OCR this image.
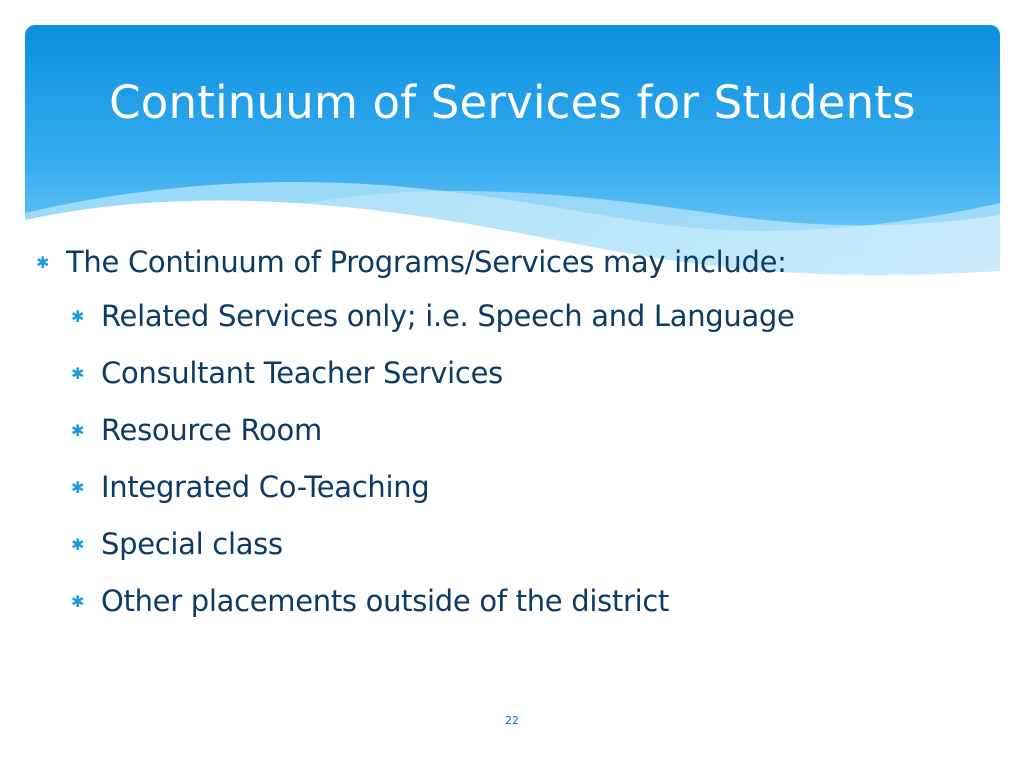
Continuum of Services for Students
✱ The Continuum of Programs/Services may include:
✱ Related Services only; i.e. Speech and Language
✱ Consultant Teacher Services
✱ Resource Room
✱ Integrated Co-Teaching
✱ Special class
✱ Other placements outside of the district
22
